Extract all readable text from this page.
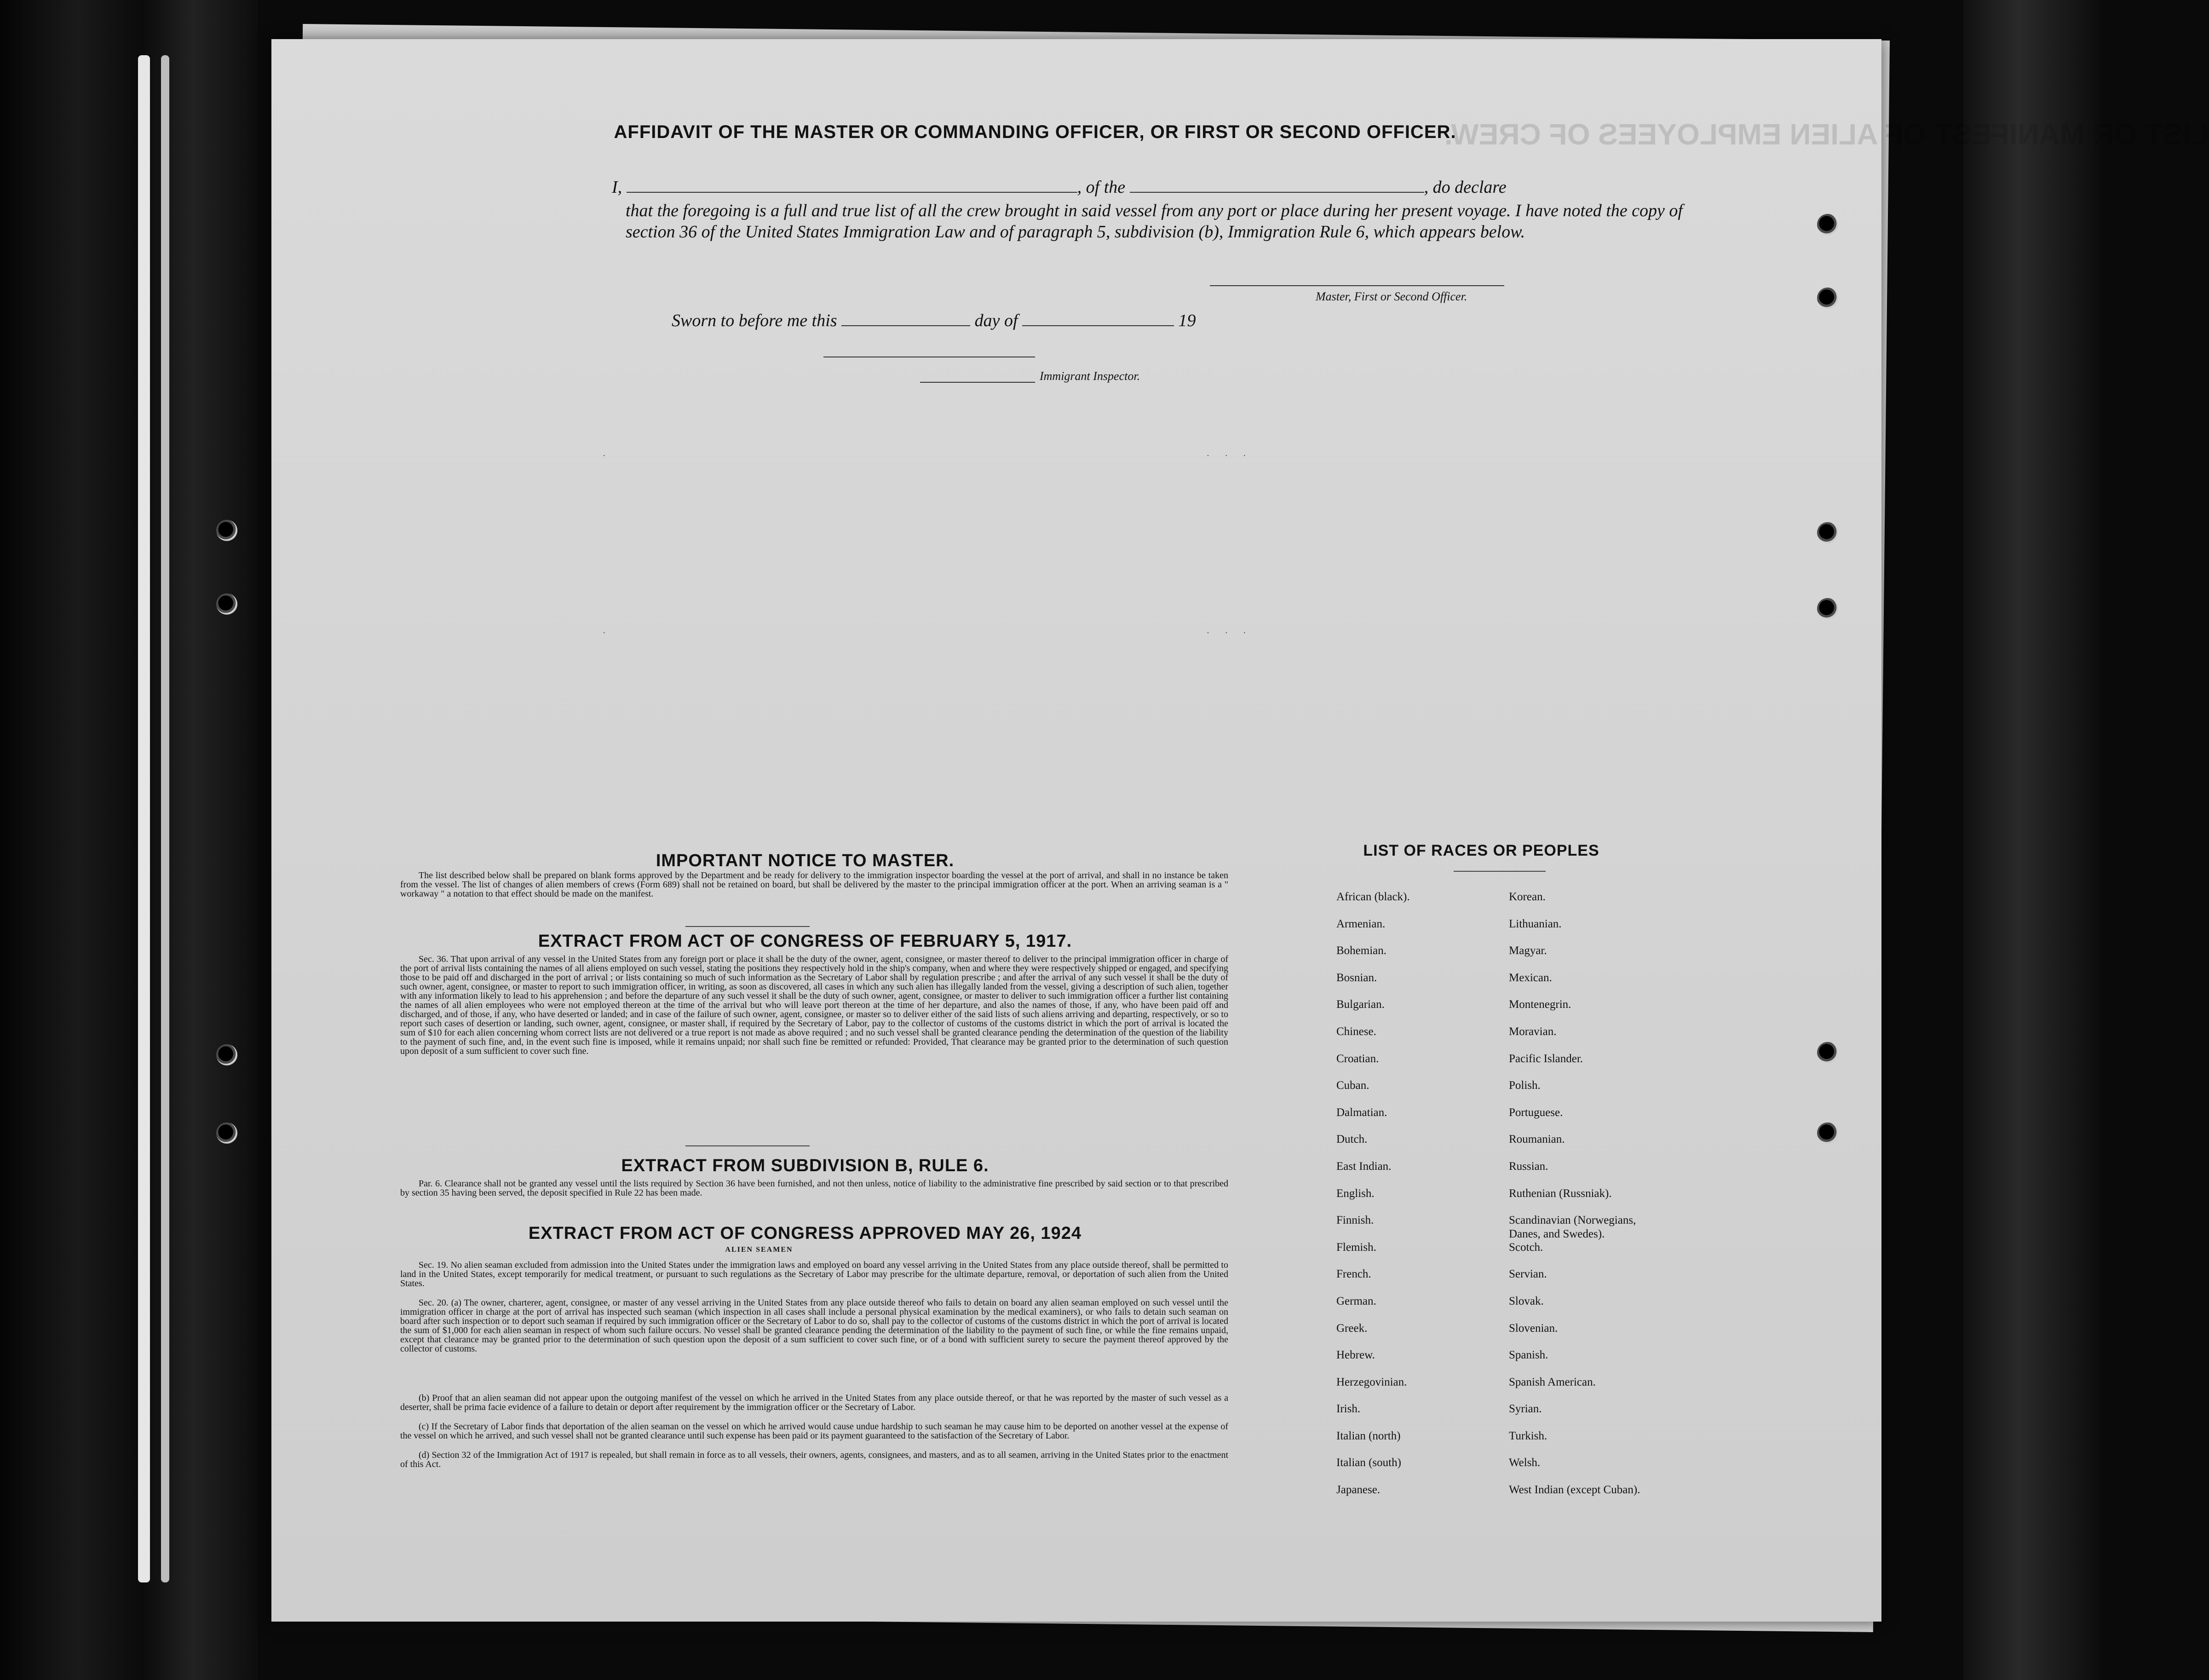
LIST OR MANIFEST OF ALIEN EMPLOYEES OF CREW.
AFFIDAVIT OF THE MASTER OR COMMANDING OFFICER, OR FIRST OR SECOND OFFICER.
I,	, of the	, do declare
that the foregoing is a full and true list of all the crew brought in said vessel from any port or place during her present voyage. I have noted the copy of section 36 of the United States Immigration Law and of paragraph 5, subdivision (b), Immigration Rule 6, which appears below.
Master, First or Second Officer.
Sworn to before me this	day of	19
Immigrant Inspector.
·                                                                    · · ·
·                                                                    · · ·
IMPORTANT NOTICE TO MASTER.
The list described below shall be prepared on blank forms approved by the Department and be ready for delivery to the immigration inspector boarding the vessel at the port of arrival, and shall in no instance be taken from the vessel. The list of changes of alien members of crews (Form 689) shall not be retained on board, but shall be delivered by the master to the principal immigration officer at the port. When an arriving seaman is a " workaway " a notation to that effect should be made on the manifest.
EXTRACT FROM ACT OF CONGRESS OF FEBRUARY 5, 1917.
Sec. 36. That upon arrival of any vessel in the United States from any foreign port or place it shall be the duty of the owner, agent, consignee, or master thereof to deliver to the principal immigration officer in charge of the port of arrival lists containing the names of all aliens employed on such vessel, stating the positions they respectively hold in the ship's company, when and where they were respectively shipped or engaged, and specifying those to be paid off and discharged in the port of arrival ; or lists containing so much of such information as the Secretary of Labor shall by regulation prescribe ; and after the arrival of any such vessel it shall be the duty of such owner, agent, consignee, or master to report to such immigration officer, in writing, as soon as discovered, all cases in which any such alien has illegally landed from the vessel, giving a description of such alien, together with any information likely to lead to his apprehension ; and before the departure of any such vessel it shall be the duty of such owner, agent, consignee, or master to deliver to such immigration officer a further list containing the names of all alien employees who were not employed thereon at the time of the arrival but who will leave port thereon at the time of her departure, and also the names of those, if any, who have been paid off and discharged, and of those, if any, who have deserted or landed; and in case of the failure of such owner, agent, consignee, or master so to deliver either of the said lists of such aliens arriving and departing, respectively, or so to report such cases of desertion or landing, such owner, agent, consignee, or master shall, if required by the Secretary of Labor, pay to the collector of customs of the customs district in which the port of arrival is located the sum of $10 for each alien concerning whom correct lists are not delivered or a true report is not made as above required ; and no such vessel shall be granted clearance pending the determination of the question of the liability to the payment of such fine, and, in the event such fine is imposed, while it remains unpaid; nor shall such fine be remitted or refunded: Provided, That clearance may be granted prior to the determination of such question upon deposit of a sum sufficient to cover such fine.
EXTRACT FROM SUBDIVISION B, RULE 6.
Par. 6. Clearance shall not be granted any vessel until the lists required by Section 36 have been furnished, and not then unless, notice of liability to the administrative fine prescribed by said section or to that prescribed by section 35 having been served, the deposit specified in Rule 22 has been made.
EXTRACT FROM ACT OF CONGRESS APPROVED MAY 26, 1924
ALIEN SEAMEN
Sec. 19. No alien seaman excluded from admission into the United States under the immigration laws and employed on board any vessel arriving in the United States from any place outside thereof, shall be permitted to land in the United States, except temporarily for medical treatment, or pursuant to such regulations as the Secretary of Labor may prescribe for the ultimate departure, removal, or deportation of such alien from the United States.
Sec. 20. (a) The owner, charterer, agent, consignee, or master of any vessel arriving in the United States from any place outside thereof who fails to detain on board any alien seaman employed on such vessel until the immigration officer in charge at the port of arrival has inspected such seaman (which inspection in all cases shall include a personal physical examination by the medical examiners), or who fails to detain such seaman on board after such inspection or to deport such seaman if required by such immigration officer or the Secretary of Labor to do so, shall pay to the collector of customs of the customs district in which the port of arrival is located the sum of $1,000 for each alien seaman in respect of whom such failure occurs. No vessel shall be granted clearance pending the determination of the liability to the payment of such fine, or while the fine remains unpaid, except that clearance may be granted prior to the determination of such question upon the deposit of a sum sufficient to cover such fine, or of a bond with sufficient surety to secure the payment thereof approved by the collector of customs.
(b) Proof that an alien seaman did not appear upon the outgoing manifest of the vessel on which he arrived in the United States from any place outside thereof, or that he was reported by the master of such vessel as a deserter, shall be prima facie evidence of a failure to detain or deport after requirement by the immigration officer or the Secretary of Labor.
(c) If the Secretary of Labor finds that deportation of the alien seaman on the vessel on which he arrived would cause undue hardship to such seaman he may cause him to be deported on another vessel at the expense of the vessel on which he arrived, and such vessel shall not be granted clearance until such expense has been paid or its payment guaranteed to the satisfaction of the Secretary of Labor.
(d) Section 32 of the Immigration Act of 1917 is repealed, but shall remain in force as to all vessels, their owners, agents, consignees, and masters, and as to all seamen, arriving in the United States prior to the enactment of this Act.
LIST OF RACES OR PEOPLES
African (black).
Armenian.
Bohemian.
Bosnian.
Bulgarian.
Chinese.
Croatian.
Cuban.
Dalmatian.
Dutch.
East Indian.
English.
Finnish.
Flemish.
French.
German.
Greek.
Hebrew.
Herzegovinian.
Irish.
Italian (north)
Italian (south)
Japanese.
Korean.
Lithuanian.
Magyar.
Mexican.
Montenegrin.
Moravian.
Pacific Islander.
Polish.
Portuguese.
Roumanian.
Russian.
Ruthenian (Russniak).
Scandinavian (Norwegians,
Danes, and Swedes).
Scotch.
Servian.
Slovak.
Slovenian.
Spanish.
Spanish American.
Syrian.
Turkish.
Welsh.
West Indian (except Cuban).
